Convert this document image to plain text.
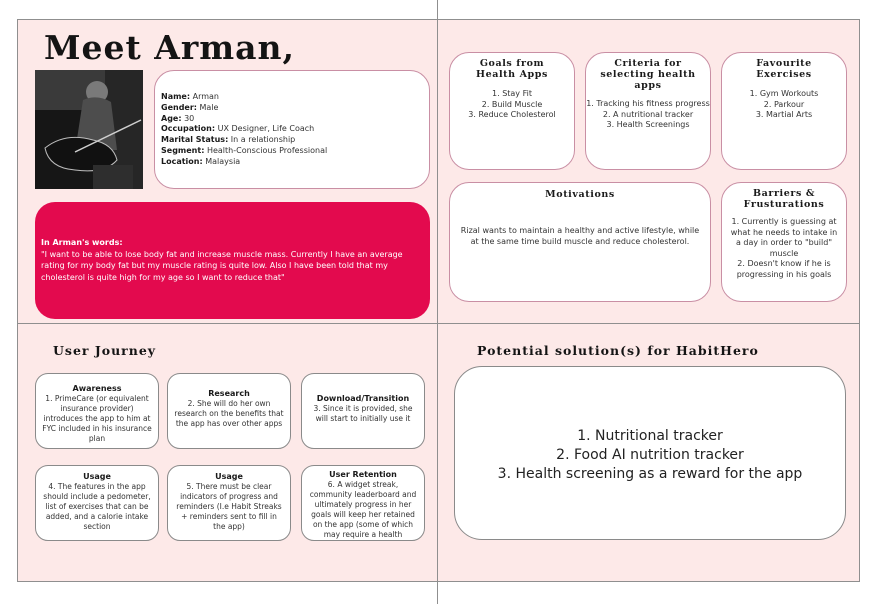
Meet Arman,
Name: Arman
Gender: Male
Age: 30
Occupation: UX Designer, Life Coach
Marital Status: In a relationship
Segment: Health-Conscious Professional
Location: Malaysia
In Arman's words:
"I want to be able to lose body fat and increase muscle mass. Currently I have an average rating for my body fat but my muscle rating is quite low. Also I have been told that my cholesterol is quite high for my age so I want to reduce that"
Goals from Health Apps
1. Stay Fit
2. Build Muscle
3. Reduce Cholesterol
Criteria for selecting health apps
1. Tracking his fitness progress
2. A nutritional tracker
3. Health Screenings
Favourite Exercises
1. Gym Workouts
2. Parkour
3. Martial Arts
Motivations
Rizal wants to maintain a healthy and active lifestyle, while at the same time build muscle and reduce cholesterol.
Barriers & Frusturations
1. Currently is guessing at what he needs to intake in a day in order to "build" muscle
2. Doesn't know if he is progressing in his goals
User Journey
Awareness
1. PrimeCare (or equivalent insurance provider) introduces the app to him at FYC included in his insurance plan
Research
2. She will do her own research on the benefits that the app has over other apps
Download/Transition
3. Since it is provided, she will start to initially use it
Usage
4. The features in the app should include a pedometer, list of exercises that can be added, and a calorie intake section
Usage
5. There must be clear indicators of progress and reminders (I.e Habit Streaks + reminders sent to fill in the app)
User Retention
6. A widget streak, community leaderboard and ultimately progress in her goals will keep her retained on the app (some of which may require a health
Potential solution(s) for HabitHero
1. Nutritional tracker
2. Food AI nutrition tracker
3. Health screening as a reward for the app
